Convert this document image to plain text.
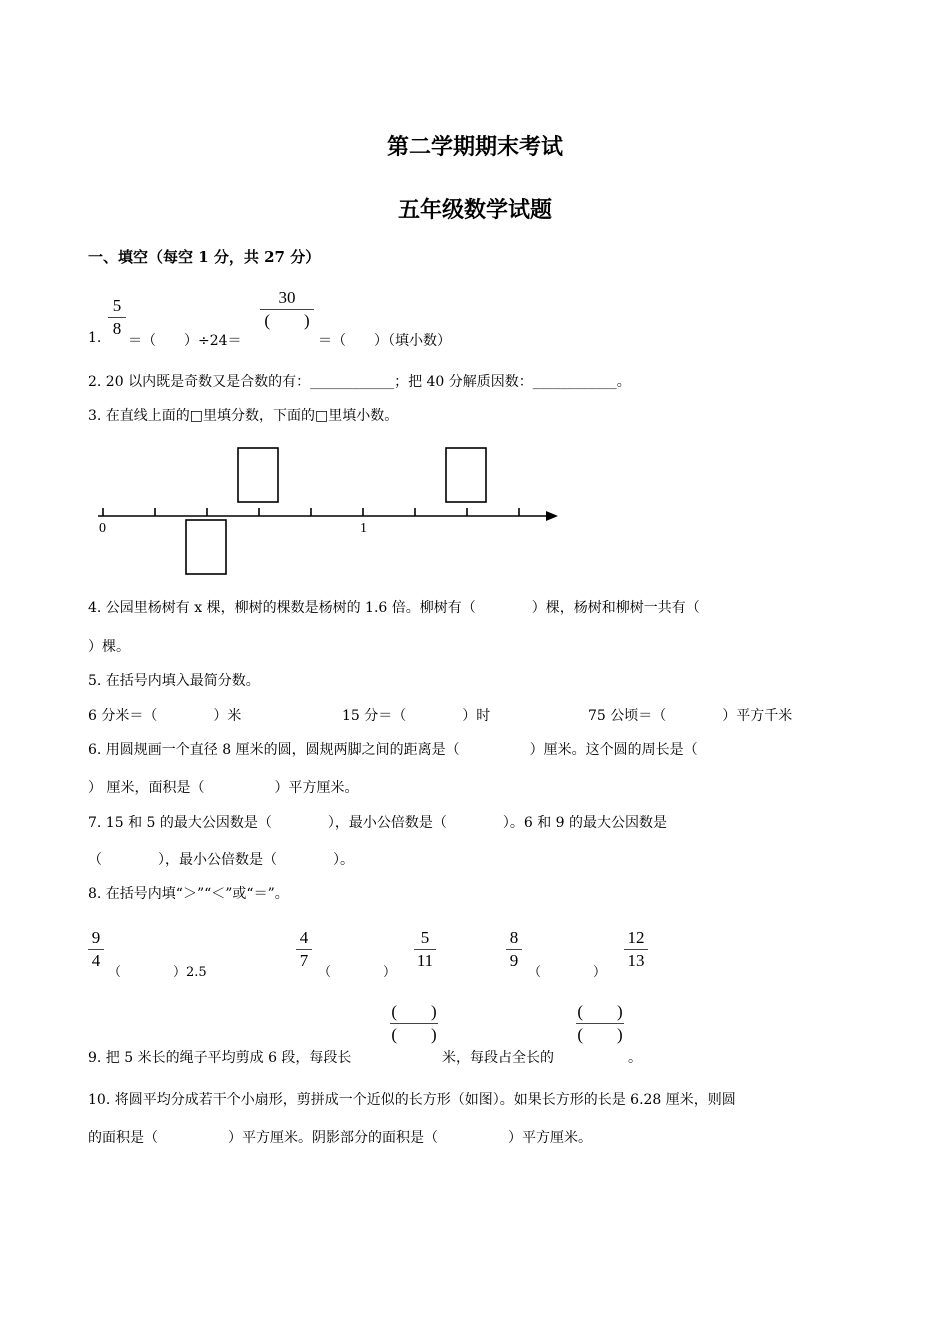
第二学期期末考试
五年级数学试题
一、填空（每空 1 分，共 27 分）
1.
5
8
＝（　　）÷24＝
30
(　　)
＝（　　）（填小数）
2. 20 以内既是奇数又是合数的有：____________；把 40 分解质因数：____________。
3. 在直线上面的□里填分数，下面的□里填小数。
0	1
4. 公园里杨树有 x 棵，柳树的棵数是杨树的 1.6 倍。柳树有（　　　　）棵，杨树和柳树一共有（
）棵。
5. 在括号内填入最简分数。
6 分米＝（　　　　）米	15 分＝（　　　　）时	75 公顷＝（　　　　）平方千米
6. 用圆规画一个直径 8 厘米的圆，圆规两脚之间的距离是（　　　　　）厘米。这个圆的周长是（
） 厘米，面积是（　　　　　）平方厘米。
7. 15 和 5 的最大公因数是（　　　　），最小公倍数是（　　　　）。6 和 9 的最大公因数是
（　　　　），最小公倍数是（　　　　）。
8. 在括号内填“＞”“＜”或“＝”。
9
4
（　　　　）2.5
4
7
（　　　　）
5
11
8
9
（　　　　）
12
13
(　　)
(　　)
(　　)
(　　)
9. 把 5 米长的绳子平均剪成 6 段，每段长	米，每段占全长的	。
10. 将圆平均分成若干个小扇形，剪拼成一个近似的长方形（如图）。如果长方形的长是 6.28 厘米，则圆
的面积是（　　　　　）平方厘米。阴影部分的面积是（　　　　　）平方厘米。
